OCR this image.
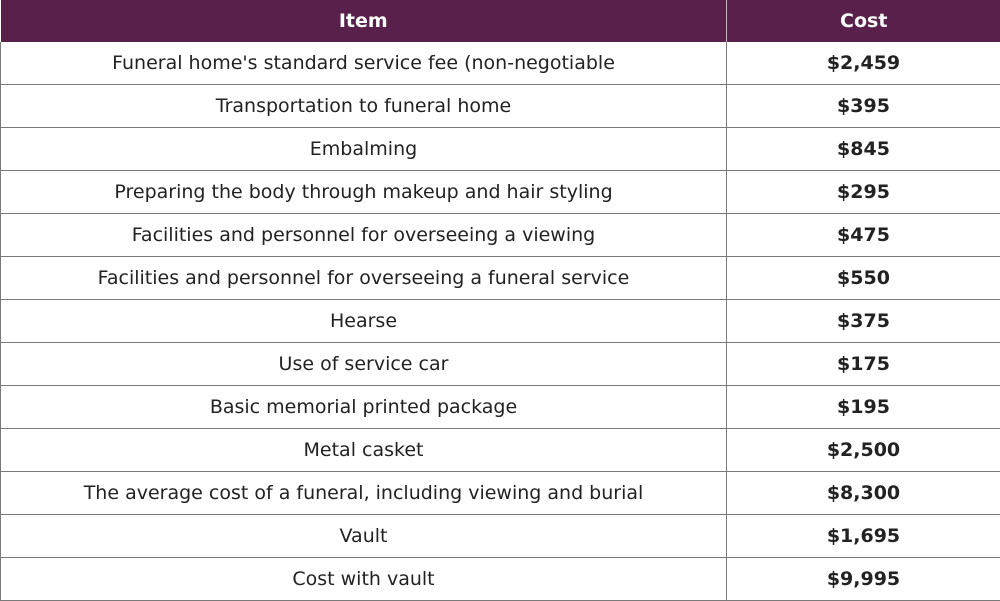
Item	Cost
Funeral home's standard service fee (non-negotiable	$2,459
Transportation to funeral home	$395
Embalming	$845
Preparing the body through makeup and hair styling	$295
Facilities and personnel for overseeing a viewing	$475
Facilities and personnel for overseeing a funeral service	$550
Hearse	$375
Use of service car	$175
Basic memorial printed package	$195
Metal casket	$2,500
The average cost of a funeral, including viewing and burial	$8,300
Vault	$1,695
Cost with vault	$9,995
